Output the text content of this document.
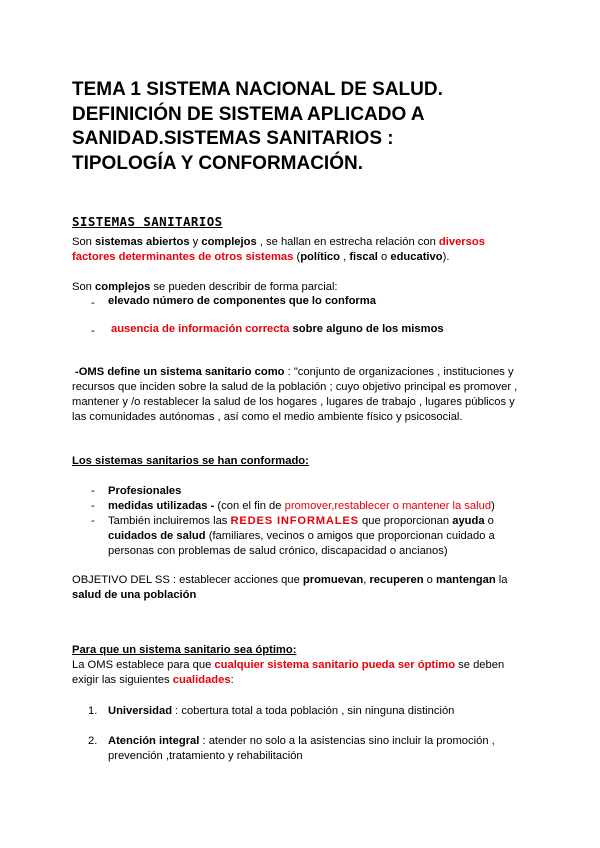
TEMA 1 SISTEMA NACIONAL DE SALUD.
DEFINICIÓN DE SISTEMA APLICADO A
SANIDAD.SISTEMAS SANITARIOS :
TIPOLOGÍA Y CONFORMACIÓN.
SISTEMAS SANITARIOS
Son sistemas abiertos y complejos , se hallan en estrecha relación con diversos
factores determinantes de otros sistemas (político , fiscal o educativo).
Son complejos se pueden describir de forma parcial:
- elevado número de componentes que lo conforma
- ausencia de información correcta sobre alguno de los mismos
-OMS define un sistema sanitario como : "conjunto de organizaciones , instituciones y
recursos que inciden sobre la salud de la población ; cuyo objetivo principal es promover ,
mantener y /o restablecer la salud de los hogares , lugares de trabajo , lugares públicos y
las comunidades autónomas , así como el medio ambiente físico y psicosocial.
Los sistemas sanitarios se han conformado:
- Profesionales
- medidas utilizadas - (con el fin de promover,restablecer o mantener la salud)
- También incluiremos las REDES INFORMALES que proporcionan ayuda o
cuidados de salud (familiares, vecinos o amigos que proporcionan cuidado a
personas con problemas de salud crónico, discapacidad o ancianos)
OBJETIVO DEL SS : establecer acciones que promuevan, recuperen o mantengan la
salud de una población
Para que un sistema sanitario sea óptimo:
La OMS establece para que cualquier sistema sanitario pueda ser óptimo se deben
exigir las siguientes cualidades:
1. Universidad : cobertura total a toda población , sin ninguna distinción
2. Atención integral : atender no solo a la asistencias sino incluir la promoción ,
prevención ,tratamiento y rehabilitación
